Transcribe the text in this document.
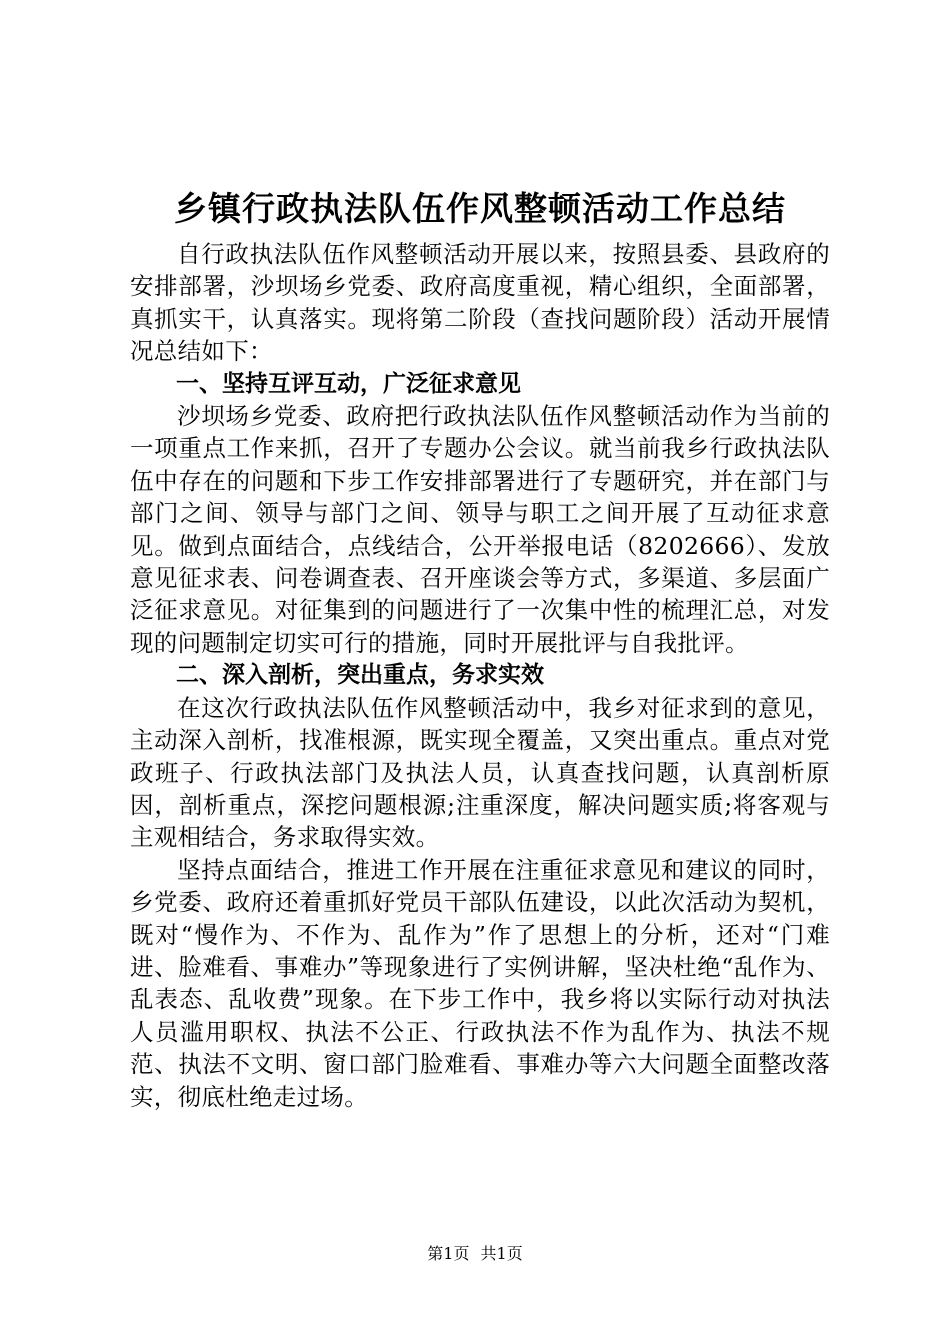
乡镇行政执法队伍作风整顿活动工作总结

自行政执法队伍作风整顿活动开展以来，按照县委、县政府的安排部署，沙坝场乡党委、政府高度重视，精心组织，全面部署，真抓实干，认真落实。现将第二阶段（查找问题阶段）活动开展情况总结如下：

一、坚持互评互动，广泛征求意见

沙坝场乡党委、政府把行政执法队伍作风整顿活动作为当前的一项重点工作来抓，召开了专题办公会议。就当前我乡行政执法队伍中存在的问题和下步工作安排部署进行了专题研究，并在部门与部门之间、领导与部门之间、领导与职工之间开展了互动征求意见。做到点面结合，点线结合，公开举报电话（8202666）、发放意见征求表、问卷调查表、召开座谈会等方式，多渠道、多层面广泛征求意见。对征集到的问题进行了一次集中性的梳理汇总，对发现的问题制定切实可行的措施，同时开展批评与自我批评。

二、深入剖析，突出重点，务求实效

在这次行政执法队伍作风整顿活动中，我乡对征求到的意见，主动深入剖析，找准根源，既实现全覆盖，又突出重点。重点对党政班子、行政执法部门及执法人员，认真查找问题，认真剖析原因，剖析重点，深挖问题根源;注重深度，解决问题实质;将客观与主观相结合，务求取得实效。

坚持点面结合，推进工作开展在注重征求意见和建议的同时，乡党委、政府还着重抓好党员干部队伍建设，以此次活动为契机，既对“慢作为、不作为、乱作为”作了思想上的分析，还对“门难进、脸难看、事难办”等现象进行了实例讲解，坚决杜绝“乱作为、乱表态、乱收费”现象。在下步工作中，我乡将以实际行动对执法人员滥用职权、执法不公正、行政执法不作为乱作为、执法不规范、执法不文明、窗口部门脸难看、事难办等六大问题全面整改落实，彻底杜绝走过场。

第1页 共1页
